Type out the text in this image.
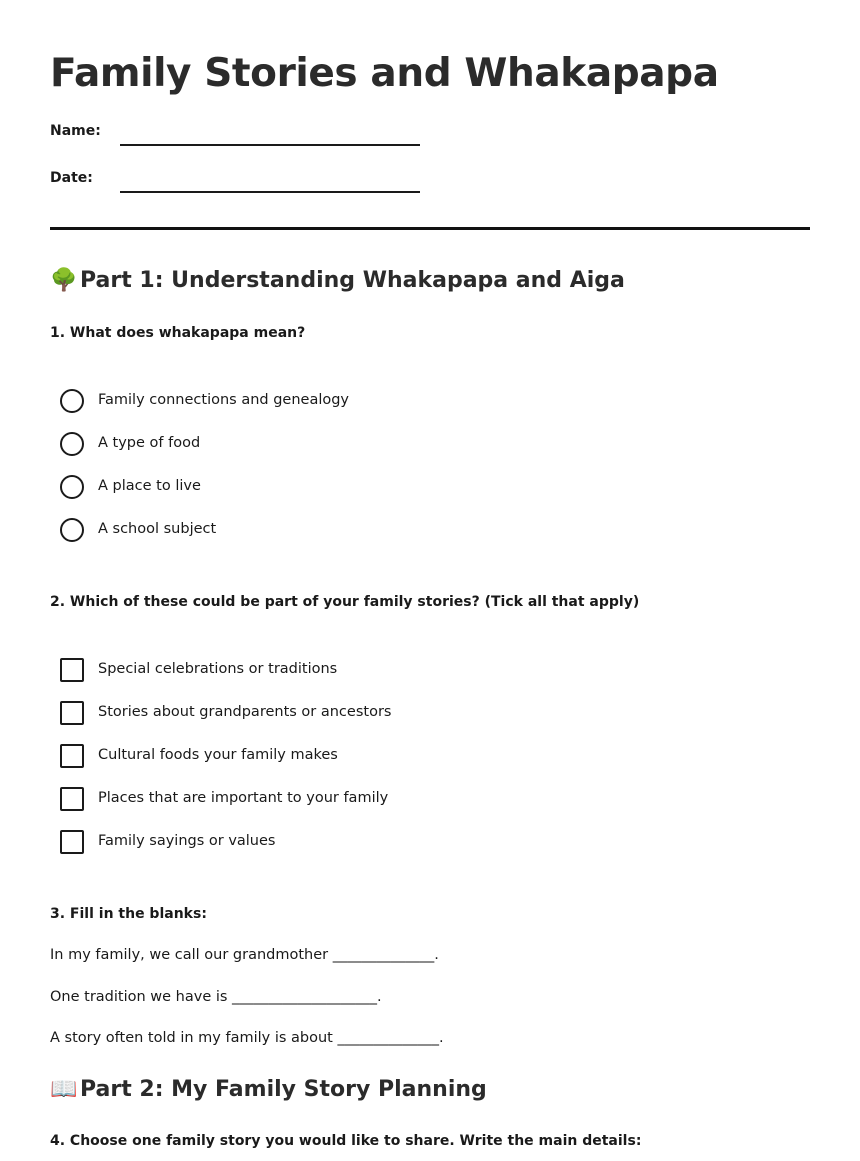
Family Stories and Whakapapa
Name:
Date:
🌳 Part 1: Understanding Whakapapa and Aiga
1. What does whakapapa mean?
Family connections and genealogy
A type of food
A place to live
A school subject
2. Which of these could be part of your family stories? (Tick all that apply)
Special celebrations or traditions
Stories about grandparents or ancestors
Cultural foods your family makes
Places that are important to your family
Family sayings or values
3. Fill in the blanks:
In my family, we call our grandmother ______________.
One tradition we have is ____________________.
A story often told in my family is about ______________.
📖 Part 2: My Family Story Planning
4. Choose one family story you would like to share. Write the main details:
